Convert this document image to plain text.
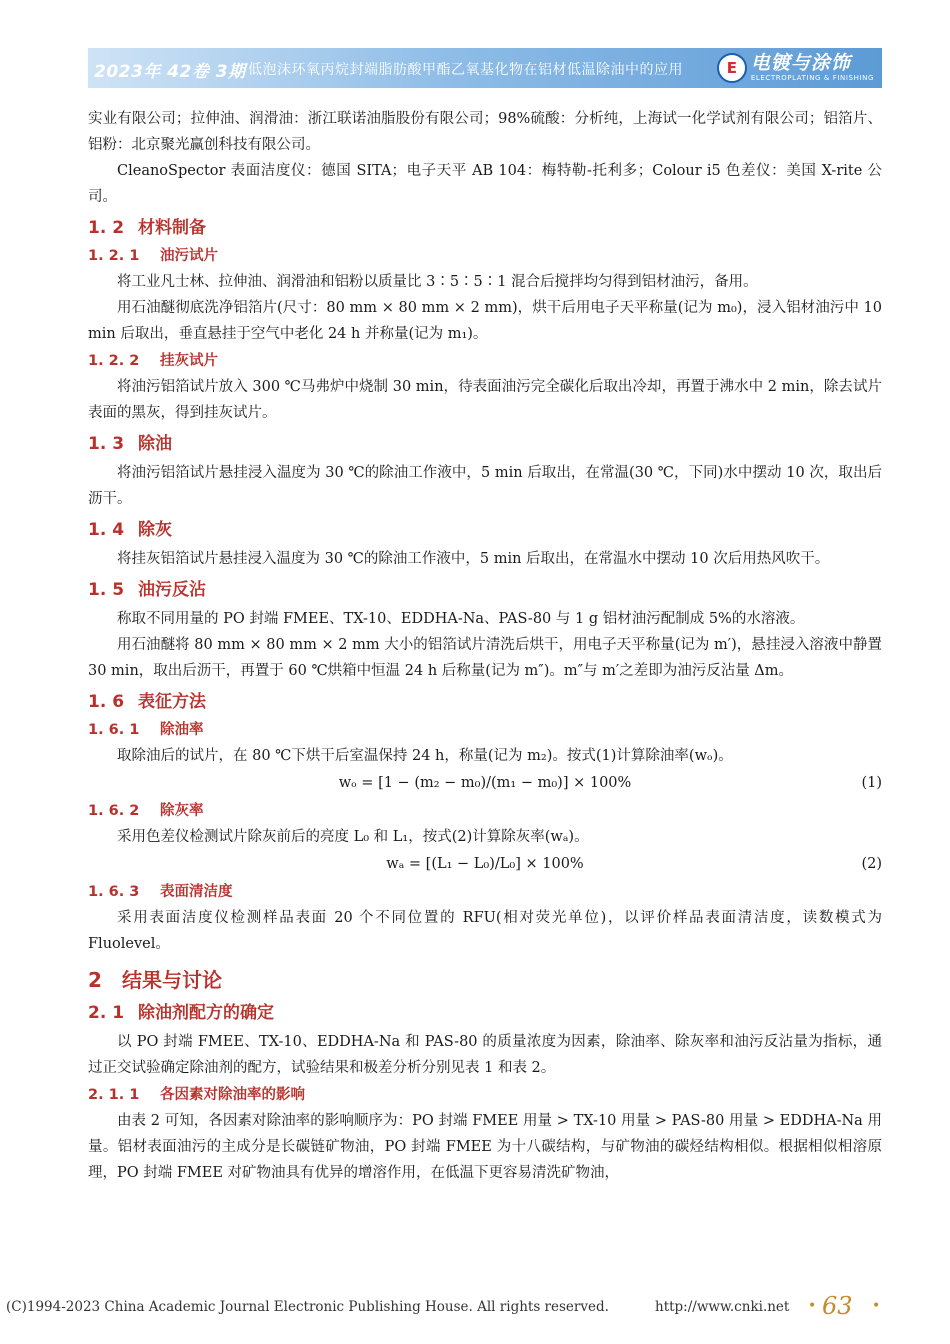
2023年 42卷 3期 低泡沫环氧丙烷封端脂肪酸甲酯乙氧基化物在铝材低温除油中的应用	E 电镀与涂饰
ELECTROPLATING & FINISHING

实业有限公司；拉伸油、润滑油：浙江联诺油脂股份有限公司；98%硫酸：分析纯，上海试一化学试剂有限公司；铝箔片、铝粉：北京聚光赢创科技有限公司。

CleanoSpector 表面洁度仪：德国 SITA；电子天平 AB 104：梅特勒-托利多；Colour i5 色差仪：美国 X-rite 公司。

1. 2 材料制备
1. 2. 1 油污试片

将工业凡士林、拉伸油、润滑油和铝粉以质量比 3∶5∶5∶1 混合后搅拌均匀得到铝材油污，备用。

用石油醚彻底洗净铝箔片(尺寸：80 mm × 80 mm × 2 mm)，烘干后用电子天平称量(记为 m₀)，浸入铝材油污中 10 min 后取出，垂直悬挂于空气中老化 24 h 并称量(记为 m₁)。

1. 2. 2 挂灰试片

将油污铝箔试片放入 300 ℃马弗炉中烧制 30 min，待表面油污完全碳化后取出冷却，再置于沸水中 2 min，除去试片表面的黑灰，得到挂灰试片。

1. 3 除油

将油污铝箔试片悬挂浸入温度为 30 ℃的除油工作液中，5 min 后取出，在常温(30 ℃，下同)水中摆动 10 次，取出后沥干。

1. 4 除灰

将挂灰铝箔试片悬挂浸入温度为 30 ℃的除油工作液中，5 min 后取出，在常温水中摆动 10 次后用热风吹干。

1. 5 油污反沾

称取不同用量的 PO 封端 FMEE、TX-10、EDDHA-Na、PAS-80 与 1 g 铝材油污配制成 5%的水溶液。

用石油醚将 80 mm × 80 mm × 2 mm 大小的铝箔试片清洗后烘干，用电子天平称量(记为 m′)，悬挂浸入溶液中静置 30 min，取出后沥干，再置于 60 ℃烘箱中恒温 24 h 后称量(记为 m″)。m″与 m′之差即为油污反沾量 Δm。

1. 6 表征方法
1. 6. 1 除油率

取除油后的试片，在 80 ℃下烘干后室温保持 24 h，称量(记为 m₂)。按式(1)计算除油率(wₒ)。

wₒ = [1 − (m₂ − m₀)/(m₁ − m₀)] × 100%	(1)
1. 6. 2 除灰率

采用色差仪检测试片除灰前后的亮度 L₀ 和 L₁，按式(2)计算除灰率(wₐ)。

wₐ = [(L₁ − L₀)/L₀] × 100%	(2)
1. 6. 3 表面清洁度

采用表面洁度仪检测样品表面 20 个不同位置的 RFU(相对荧光单位)，以评价样品表面清洁度，读数模式为 Fluolevel。

2 结果与讨论
2. 1 除油剂配方的确定

以 PO 封端 FMEE、TX-10、EDDHA-Na 和 PAS-80 的质量浓度为因素，除油率、除灰率和油污反沾量为指标，通过正交试验确定除油剂的配方，试验结果和极差分析分别见表 1 和表 2。

2. 1. 1 各因素对除油率的影响

由表 2 可知，各因素对除油率的影响顺序为：PO 封端 FMEE 用量 > TX-10 用量 > PAS-80 用量 > EDDHA-Na 用量。铝材表面油污的主成分是长碳链矿物油，PO 封端 FMEE 为十八碳结构，与矿物油的碳烃结构相似。根据相似相溶原理，PO 封端 FMEE 对矿物油具有优异的增溶作用，在低温下更容易清洗矿物油，

(C)1994-2023 China Academic Journal Electronic Publishing House. All rights reserved.	http://www.cnki.net • 63 •
